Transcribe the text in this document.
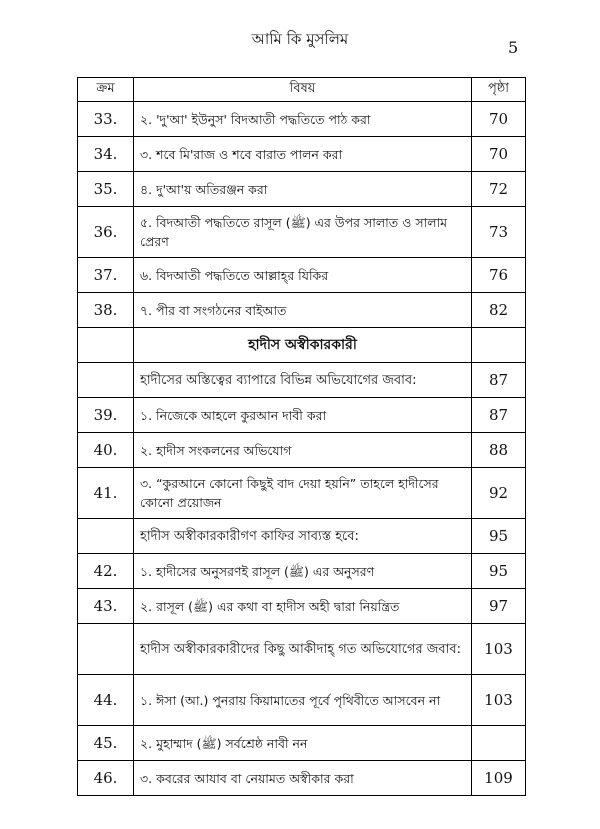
আমি কি মুসলিম	5
ক্রম	বিষয়	পৃষ্ঠা
33.	২. 'দু'আ' ইউনুস' বিদআতী পদ্ধতিতে পাঠ করা	70
34.	৩. শবে মি'রাজ ও শবে বারাত পালন করা	70
35.	৪. দু'আ'য় অতিরঞ্জন করা	72
36.	৫. বিদআতী পদ্ধতিতে রাসূল (ﷺ) এর উপর সালাত ও সালাম প্রেরণ	73
37.	৬. বিদআতী পদ্ধতিতে আল্লাহ্‌র যিকির	76
38.	৭. পীর বা সংগঠনের বাইআত	82
	হাদীস অস্বীকারকারী	
	হাদীসের অস্তিত্বের ব্যাপারে বিভিন্ন অভিযোগের জবাব:	87
39.	১. নিজেকে আহলে কুরআন দাবী করা	87
40.	২. হাদীস সংকলনের অভিযোগ	88
41.	৩. “কুরআনে কোনো কিছুই বাদ দেয়া হয়নি” তাহলে হাদীসের কোনো প্রয়োজন	92
	হাদীস অস্বীকারকারীগণ কাফির সাব্যস্ত হবে:	95
42.	১. হাদীসের অনুসরণই রাসূল (ﷺ) এর অনুসরণ	95
43.	২. রাসূল (ﷺ) এর কথা বা হাদীস অহী দ্বারা নিয়ন্ত্রিত	97
	হাদীস অস্বীকারকারীদের কিছু আকীদাহ্‌ গত অভিযোগের জবাব:	103
44.	১. ঈসা (আ.) পুনরায় কিয়ামাতের পূর্বে পৃথিবীতে আসবেন না	103
45.	২. মুহাম্মাদ (ﷺ) সর্বশ্রেষ্ঠ নাবী নন	
46.	৩. কবরের আযাব বা নেয়ামত অস্বীকার করা	109
